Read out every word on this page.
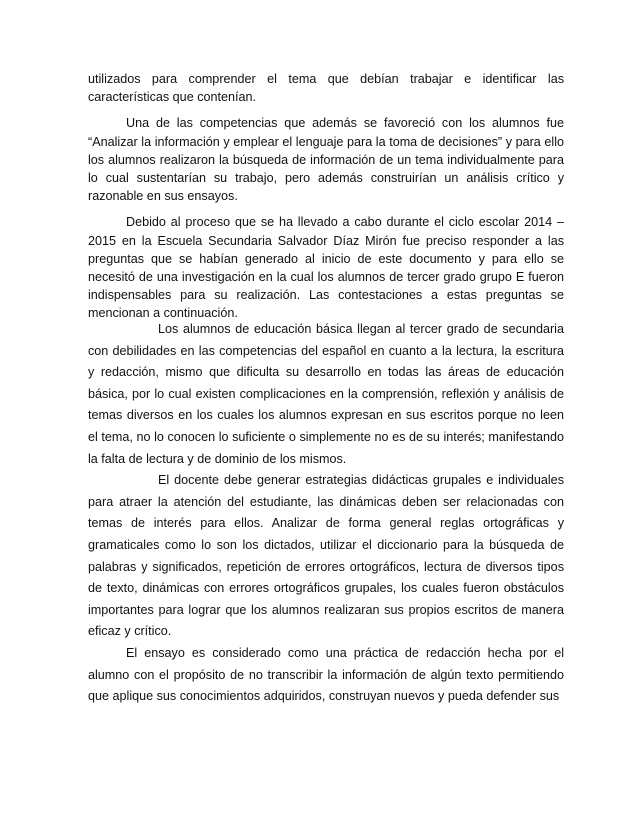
utilizados para comprender el tema que debían trabajar e identificar las características que contenían.

Una de las competencias que además se favoreció con los alumnos fue “Analizar la información y emplear el lenguaje para la toma de decisiones” y para ello los alumnos realizaron la búsqueda de información de un tema individualmente para lo cual sustentarían su trabajo, pero además construirían un análisis crítico y razonable en sus ensayos.

Debido al proceso que se ha llevado a cabo durante el ciclo escolar 2014 – 2015 en la Escuela Secundaria Salvador Díaz Mirón fue preciso responder a las preguntas que se habían generado al inicio de este documento y para ello se necesitó de una investigación en la cual los alumnos de tercer grado grupo E fueron indispensables para su realización. Las contestaciones a estas preguntas se mencionan a continuación.

Los alumnos de educación básica llegan al tercer grado de secundaria con debilidades en las competencias del español en cuanto a la lectura, la escritura y redacción, mismo que dificulta su desarrollo en todas las áreas de educación básica, por lo cual existen complicaciones en la comprensión, reflexión y análisis de temas diversos en los cuales los alumnos expresan en sus escritos porque no leen el tema, no lo conocen lo suficiente o simplemente no es de su interés; manifestando la falta de lectura y de dominio de los mismos.

El docente debe generar estrategias didácticas grupales e individuales para atraer la atención del estudiante, las dinámicas deben ser relacionadas con temas de interés para ellos. Analizar de forma general reglas ortográficas y gramaticales como lo son los dictados, utilizar el diccionario para la búsqueda de palabras y significados, repetición de errores ortográficos, lectura de diversos tipos de texto, dinámicas con errores ortográficos grupales, los cuales fueron obstáculos importantes para lograr que los alumnos realizaran sus propios escritos de manera eficaz y crítico.

El ensayo es considerado como una práctica de redacción hecha por el alumno con el propósito de no transcribir la información de algún texto permitiendo que aplique sus conocimientos adquiridos, construyan nuevos y pueda defender sus
